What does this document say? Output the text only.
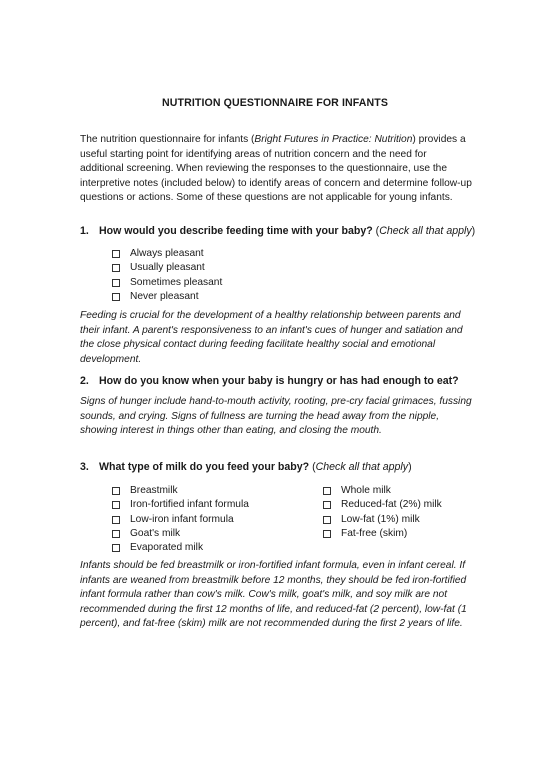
NUTRITION QUESTIONNAIRE FOR INFANTS
The nutrition questionnaire for infants (Bright Futures in Practice: Nutrition) provides a useful starting point for identifying areas of nutrition concern and the need for additional screening. When reviewing the responses to the questionnaire, use the interpretive notes (included below) to identify areas of concern and determine follow-up questions or actions. Some of these questions are not applicable for young infants.
1. How would you describe feeding time with your baby? (Check all that apply)
Always pleasant
Usually pleasant
Sometimes pleasant
Never pleasant
Feeding is crucial for the development of a healthy relationship between parents and their infant. A parent's responsiveness to an infant's cues of hunger and satiation and the close physical contact during feeding facilitate healthy social and emotional development.
2. How do you know when your baby is hungry or has had enough to eat?
Signs of hunger include hand-to-mouth activity, rooting, pre-cry facial grimaces, fussing sounds, and crying. Signs of fullness are turning the head away from the nipple, showing interest in things other than eating, and closing the mouth.
3. What type of milk do you feed your baby? (Check all that apply)
Breastmilk
Iron-fortified infant formula
Low-iron infant formula
Goat's milk
Evaporated milk
Whole milk
Reduced-fat (2%) milk
Low-fat (1%) milk
Fat-free (skim)
Infants should be fed breastmilk or iron-fortified infant formula, even in infant cereal. If infants are weaned from breastmilk before 12 months, they should be fed iron-fortified infant formula rather than cow's milk. Cow's milk, goat's milk, and soy milk are not recommended during the first 12 months of life, and reduced-fat (2 percent), low-fat (1 percent), and fat-free (skim) milk are not recommended during the first 2 years of life.
